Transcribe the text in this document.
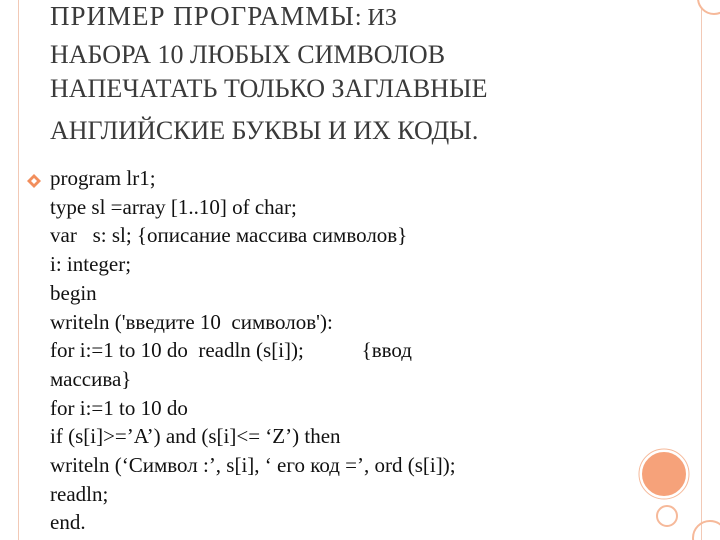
ПРИМЕР ПРОГРАММЫ: ИЗ
НАБОРА 10 ЛЮБЫХ СИМВОЛОВ
НАПЕЧАТАТЬ ТОЛЬКО ЗАГЛАВНЫЕ
АНГЛИЙСКИЕ БУКВЫ И ИХ КОДЫ.
program lr1;
type sl =array [1..10] of char;
var   s: sl; {описание массива символов}
i: integer;
begin
writeln ('введите 10  символов'):
for i:=1 to 10 do  readln (s[i]);           {ввод
массива}
for i:=1 to 10 do
if (s[i]>=’A’) and (s[i]<= ‘Z’) then
writeln (‘Символ :’, s[i], ‘ его код =’, ord (s[i]);
readln;
end.
